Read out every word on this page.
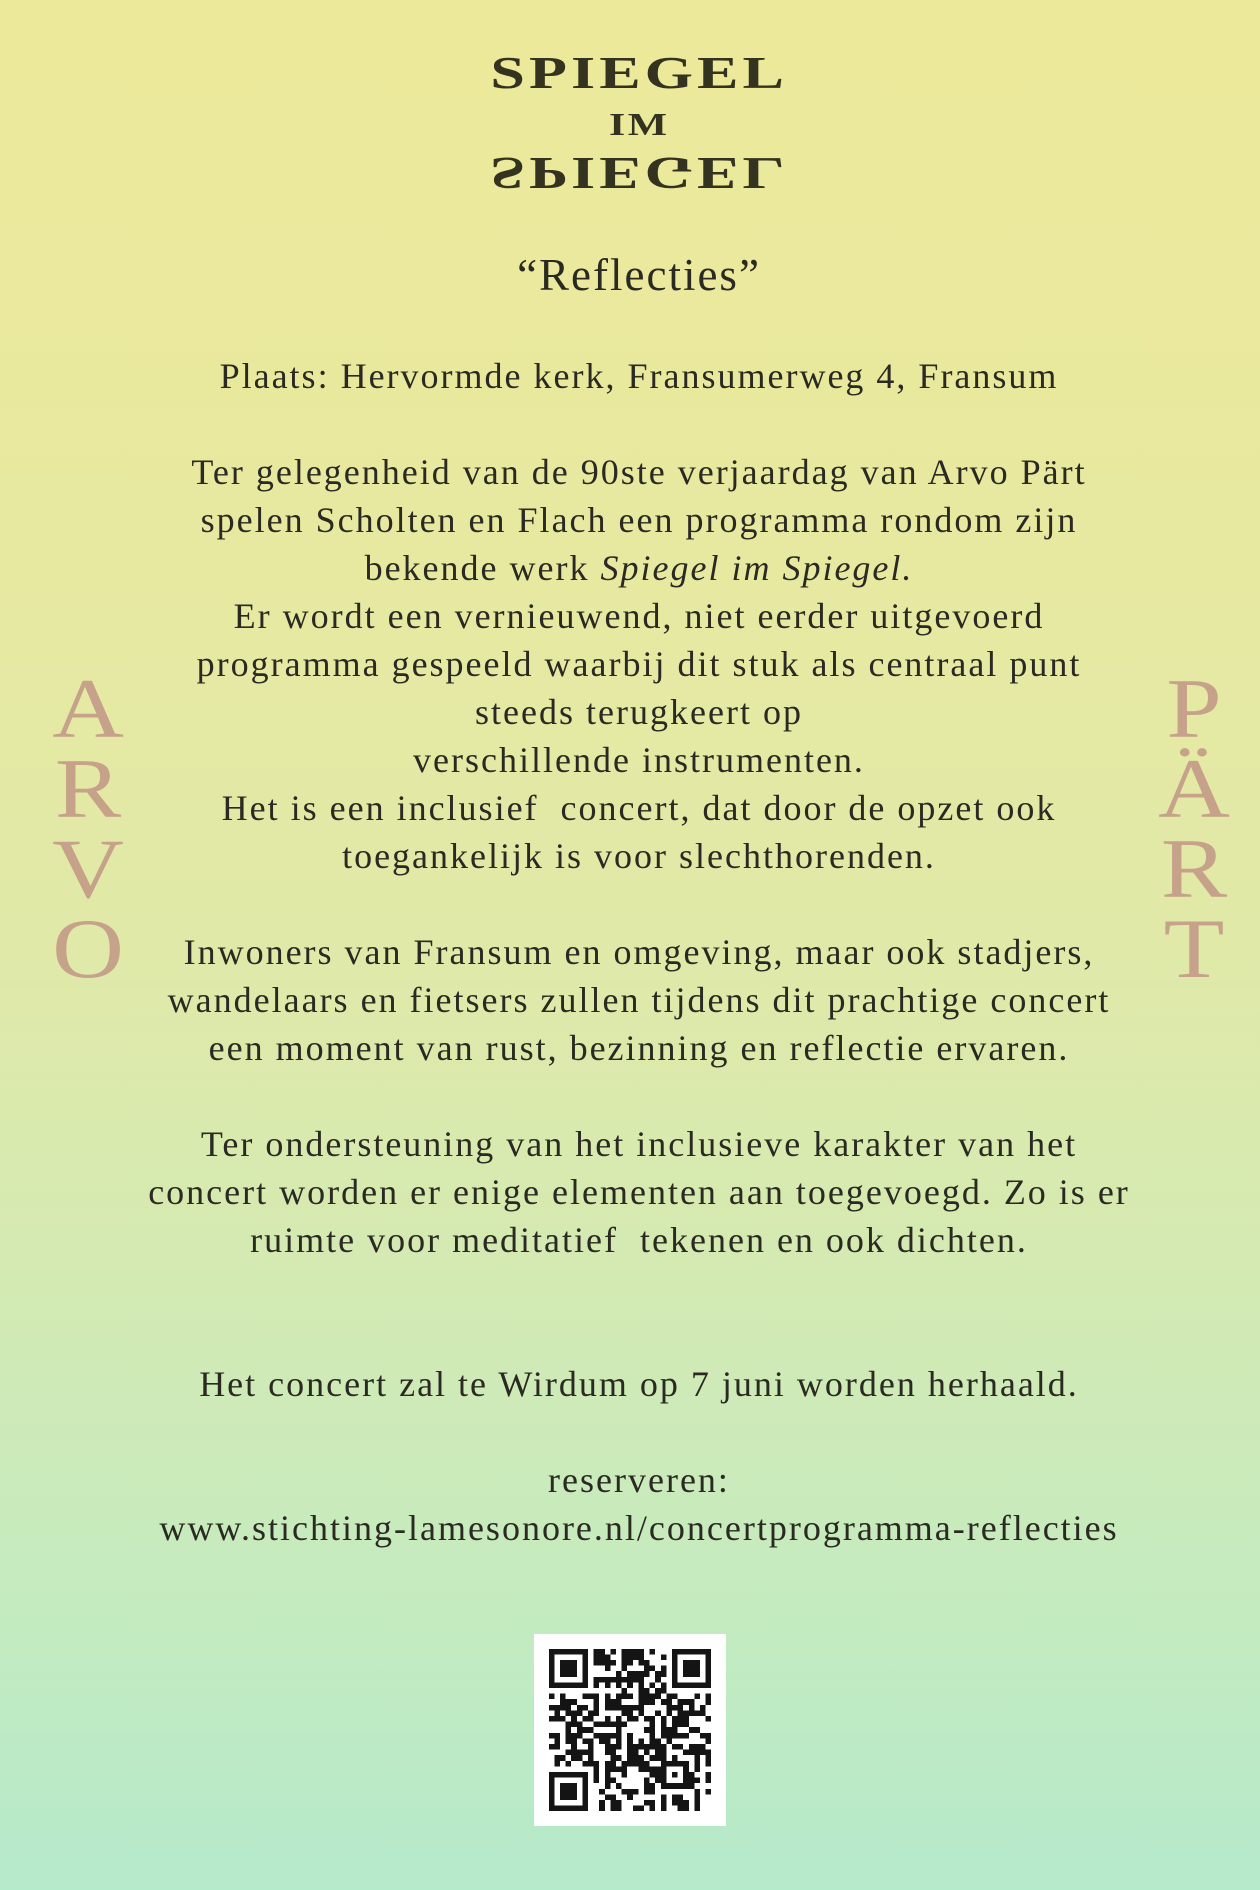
SPIEGEL
IM
SPIEGEL
“Reflecties”
A
R
V
O
P
Ä
R
T
Plaats: Hervormde kerk, Fransumerweg 4, Fransum
Ter gelegenheid van de 90ste verjaardag van Arvo Pärt
spelen Scholten en Flach een programma rondom zijn
bekende werk Spiegel im Spiegel.
Er wordt een vernieuwend, niet eerder uitgevoerd
programma gespeeld waarbij dit stuk als centraal punt
steeds terugkeert op
verschillende instrumenten.
Het is een inclusief  concert, dat door de opzet ook
toegankelijk is voor slechthorenden.
Inwoners van Fransum en omgeving, maar ook stadjers,
wandelaars en fietsers zullen tijdens dit prachtige concert
een moment van rust, bezinning en reflectie ervaren.
Ter ondersteuning van het inclusieve karakter van het
concert worden er enige elementen aan toegevoegd. Zo is er
ruimte voor meditatief  tekenen en ook dichten.
Het concert zal te Wirdum op 7 juni worden herhaald.
reserveren:
www.stichting-lamesonore.nl/concertprogramma-reflecties
